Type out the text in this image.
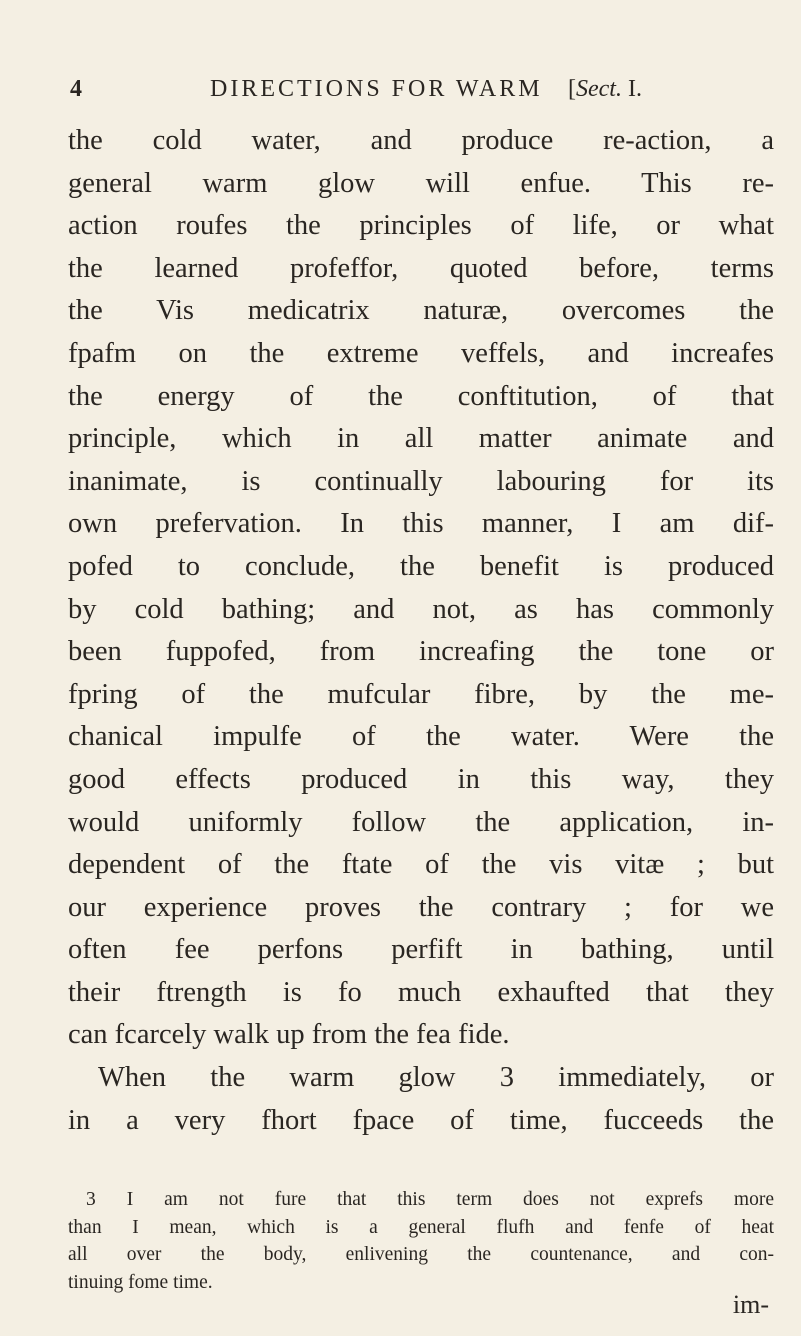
4	DIRECTIONS FOR WARM [Sect. I.
the cold water, and produce re-action, a
general warm glow will enfue. This re-
action roufes the principles of life, or what
the learned profeffor, quoted before, terms
the Vis medicatrix naturæ, overcomes the
fpafm on the extreme veffels, and increafes
the energy of the conftitution, of that
principle, which in all matter animate and
inanimate, is continually labouring for its
own prefervation. In this manner, I am dif-
pofed to conclude, the benefit is produced
by cold bathing; and not, as has commonly
been fuppofed, from increafing the tone or
fpring of the mufcular fibre, by the me-
chanical impulfe of the water. Were the
good effects produced in this way, they
would uniformly follow the application, in-
dependent of the ftate of the vis vitæ ; but
our experience proves the contrary ; for we
often fee perfons perfift in bathing, until
their ftrength is fo much exhaufted that they
can fcarcely walk up from the fea fide.
When the warm glow 3 immediately, or
in a very fhort fpace of time, fucceeds the
3 I am not fure that this term does not exprefs more
than I mean, which is a general flufh and fenfe of heat
all over the body, enlivening the countenance, and con-
tinuing fome time.
im-
